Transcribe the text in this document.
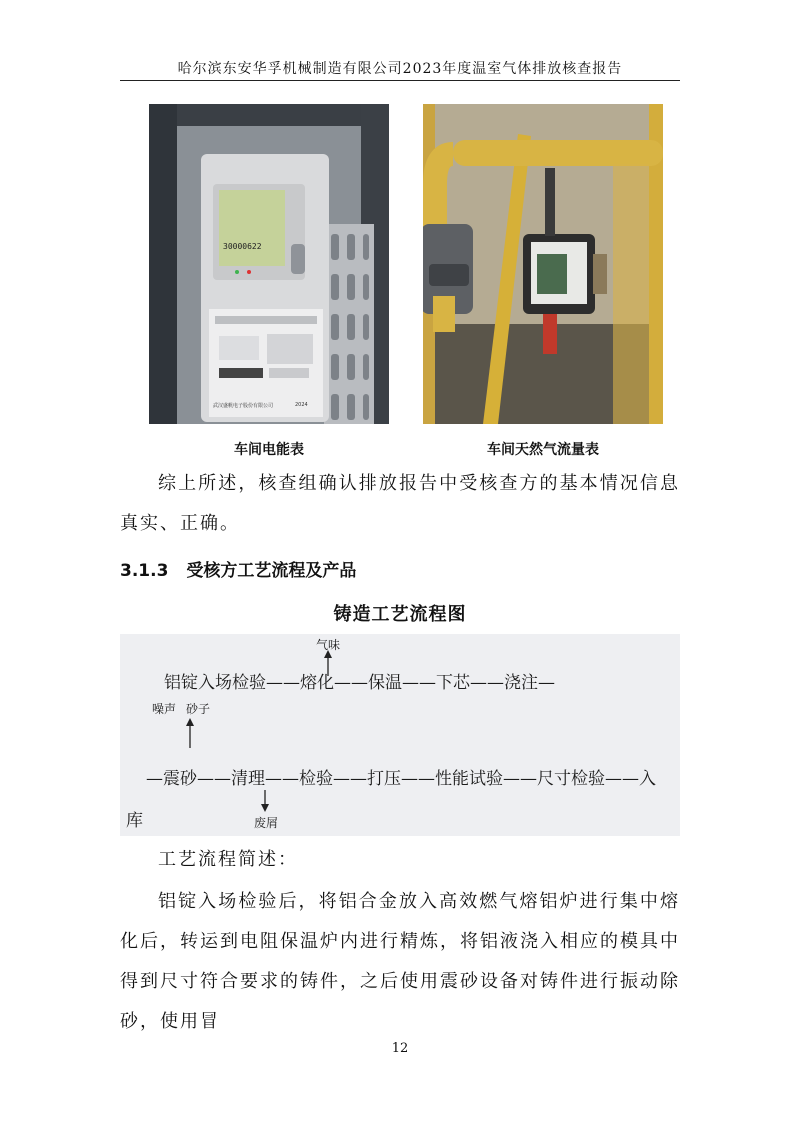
哈尔滨东安华孚机械制造有限公司2023年度温室气体排放核查报告
30000622
武汉盛帆电子股份有限公司	2024
车间电能表	车间天然气流量表

综上所述，核查组确认排放报告中受核查方的基本情况信息真实、正确。

3.1.3 受核方工艺流程及产品
铸造工艺流程图
气味
铝锭入场检验——熔化——保温——下芯——浇注—
噪声 砂子
—震砂——清理——检验——打压——性能试验——尺寸检验——入
库	废屑

工艺流程简述：

铝锭入场检验后，将铝合金放入高效燃气熔铝炉进行集中熔化后，转运到电阻保温炉内进行精炼，将铝液浇入相应的模具中得到尺寸符合要求的铸件，之后使用震砂设备对铸件进行振动除砂，使用冒

12
